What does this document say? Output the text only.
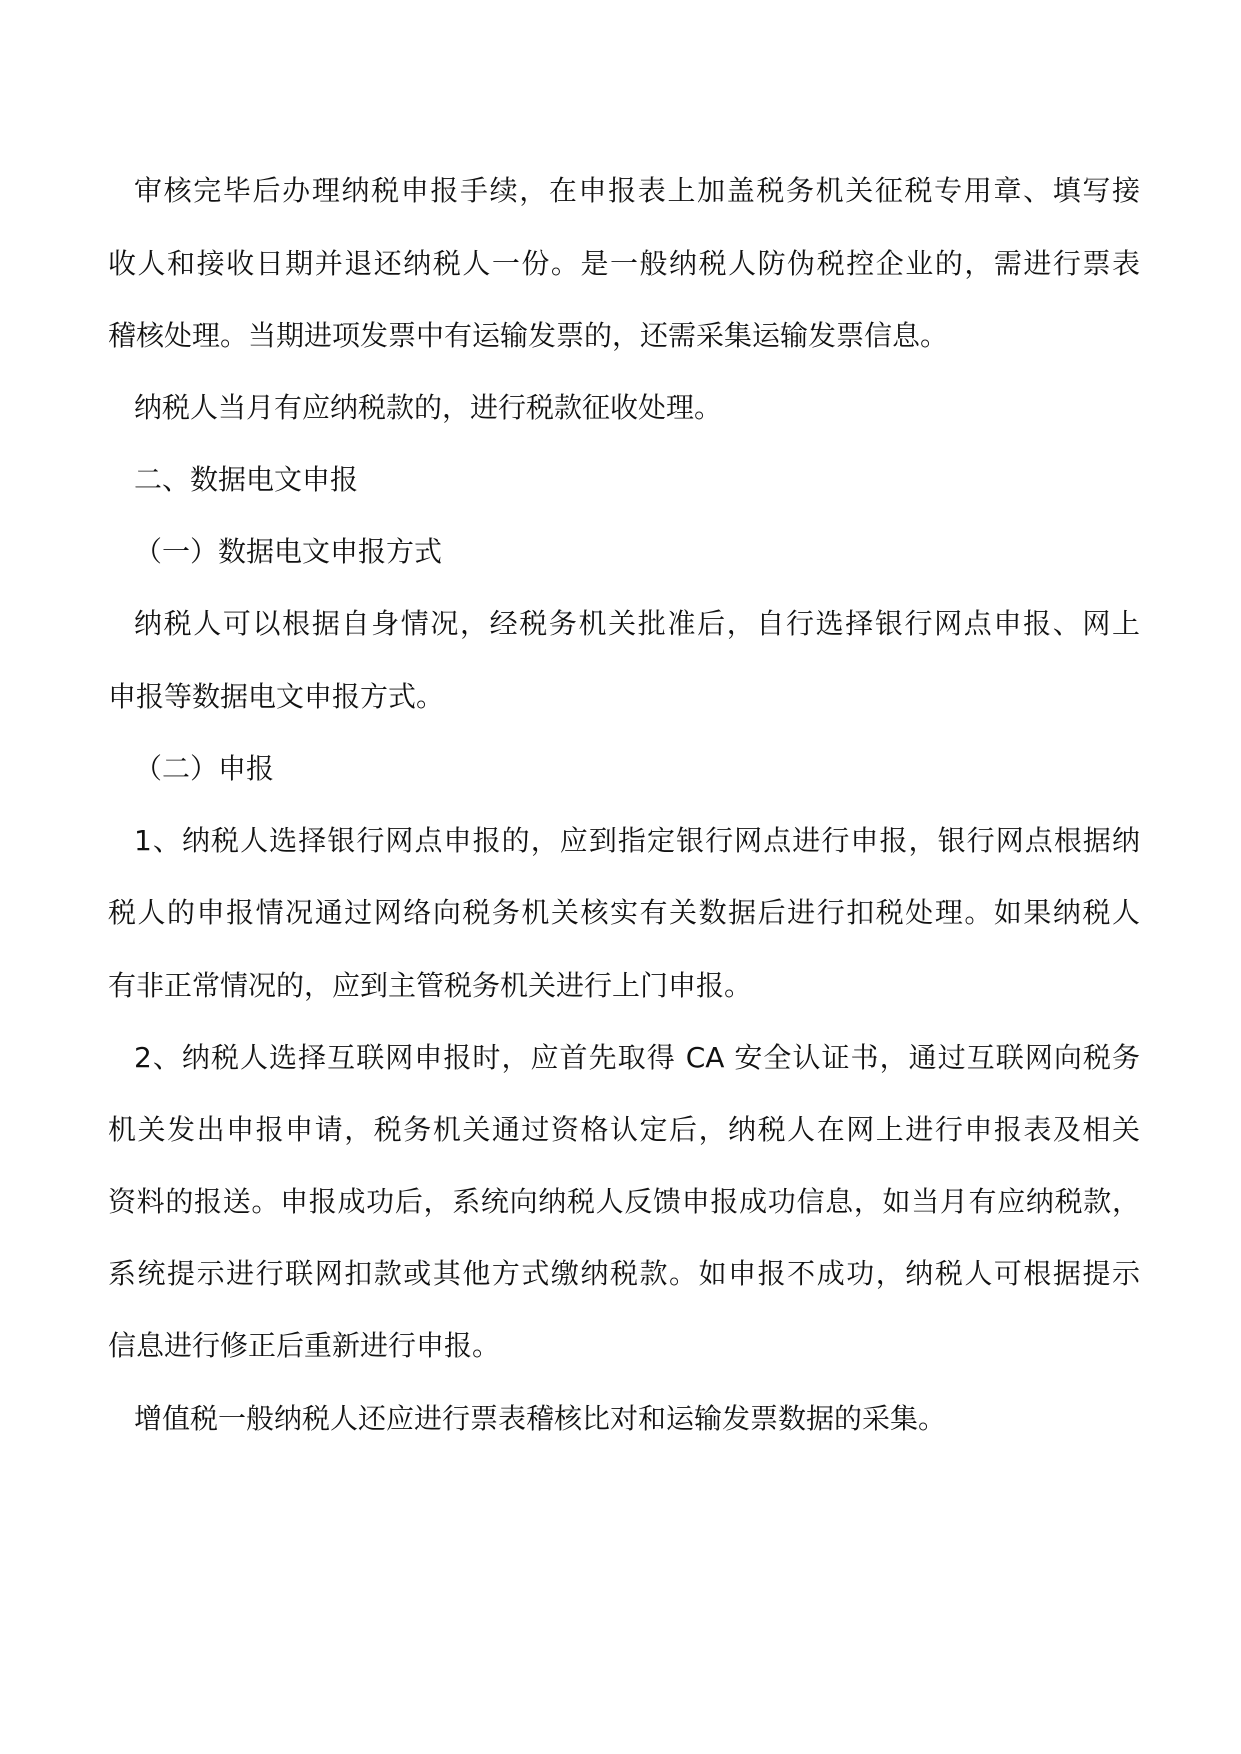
审核完毕后办理纳税申报手续，在申报表上加盖税务机关征税专用章、填写接
收人和接收日期并退还纳税人一份。是一般纳税人防伪税控企业的，需进行票表
稽核处理。当期进项发票中有运输发票的，还需采集运输发票信息。
纳税人当月有应纳税款的，进行税款征收处理。
二、数据电文申报
（一）数据电文申报方式
纳税人可以根据自身情况，经税务机关批准后，自行选择银行网点申报、网上
申报等数据电文申报方式。
（二）申报
1、纳税人选择银行网点申报的，应到指定银行网点进行申报，银行网点根据纳
税人的申报情况通过网络向税务机关核实有关数据后进行扣税处理。如果纳税人
有非正常情况的，应到主管税务机关进行上门申报。
2、纳税人选择互联网申报时，应首先取得 CA 安全认证书，通过互联网向税务
机关发出申报申请，税务机关通过资格认定后，纳税人在网上进行申报表及相关
资料的报送。申报成功后，系统向纳税人反馈申报成功信息，如当月有应纳税款，
系统提示进行联网扣款或其他方式缴纳税款。如申报不成功，纳税人可根据提示
信息进行修正后重新进行申报。
增值税一般纳税人还应进行票表稽核比对和运输发票数据的采集。
